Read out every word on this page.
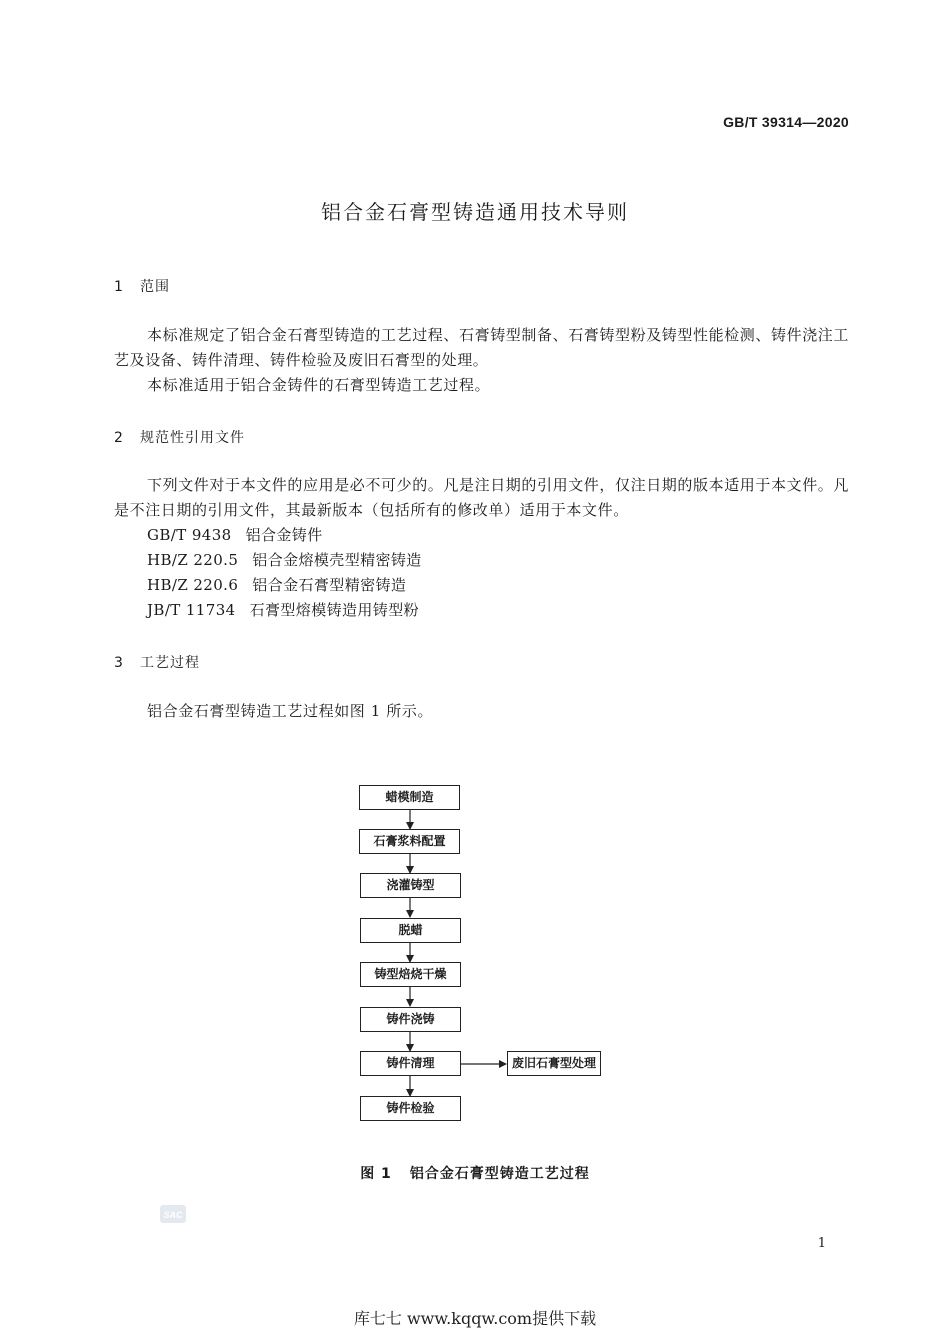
GB/T 39314—2020
铝合金石膏型铸造通用技术导则
1 范围
本标准规定了铝合金石膏型铸造的工艺过程、石膏铸型制备、石膏铸型粉及铸型性能检测、铸件浇注工艺及设备、铸件清理、铸件检验及废旧石膏型的处理。
本标准适用于铝合金铸件的石膏型铸造工艺过程。
2 规范性引用文件
下列文件对于本文件的应用是必不可少的。凡是注日期的引用文件，仅注日期的版本适用于本文件。凡是不注日期的引用文件，其最新版本（包括所有的修改单）适用于本文件。
GB/T 9438 铝合金铸件
HB/Z 220.5 铝合金熔模壳型精密铸造
HB/Z 220.6 铝合金石膏型精密铸造
JB/T 11734 石膏型熔模铸造用铸型粉
3 工艺过程
铝合金石膏型铸造工艺过程如图 1 所示。
蜡模制造
石膏浆料配置
浇灌铸型
脱蜡
铸型焙烧干燥
铸件浇铸
铸件清理
铸件检验
废旧石膏型处理
图 1 铝合金石膏型铸造工艺过程
SAC
1
库七七 www.kqqw.com提供下载
